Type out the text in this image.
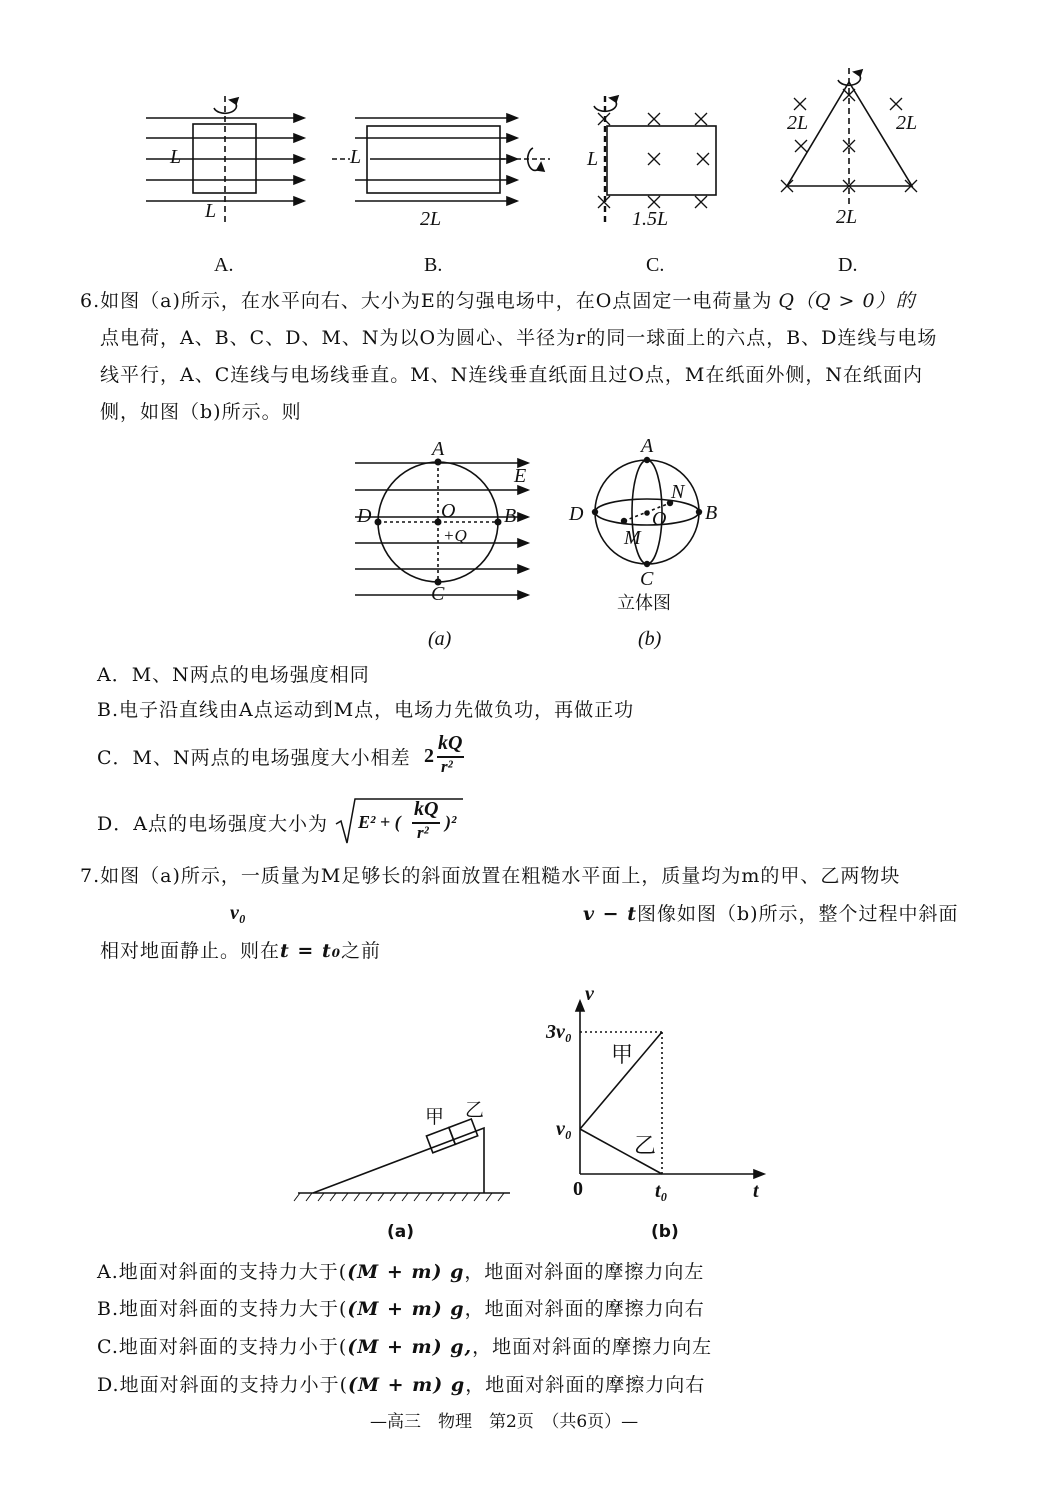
L
L
A.
L
2L
B.
L
1.5L
C.
2L	2L
2L
D.
6.如图（a)所示，在水平向右、大小为E的匀强电场中，在O点固定一电荷量为 Q（Q > 0）的
点电荷，A、B、C、D、M、N为以O为圆心、半径为r的同一球面上的六点，B、D连线与电场
线平行，A、C连线与电场线垂直。M、N连线垂直纸面且过O点，M在纸面外侧，N在纸面内
侧，如图（b)所示。则
A
E
D	O B
+Q
C
(a)
A
N
D	O B
M
C
立体图
(b)
A．M、N两点的电场强度相同
B.电子沿直线由A点运动到M点，电场力先做负功，再做正功
C．M、N两点的电场强度大小相差 2
kQ
r²
D．A点的电场强度大小为 E² + (
kQ
r²
)²
7.如图（a)所示，一质量为M足够长的斜面放置在粗糙水平面上，质量均为m的甲、乙两物块
v₀	v − t图像如图（b)所示，整个过程中斜面
相对地面静止。则在t = t₀之前
甲 乙
(a)
v
3v₀
甲
v₀
乙
0	t₀	t
(b)
A.地面对斜面的支持力大于((M + m) g，地面对斜面的摩擦力向左
B.地面对斜面的支持力大于((M + m) g，地面对斜面的摩擦力向右
C.地面对斜面的支持力小于((M + m) g,，地面对斜面的摩擦力向左
D.地面对斜面的支持力小于((M + m) g，地面对斜面的摩擦力向右
—高三　物理　第2页　（共6页）—
